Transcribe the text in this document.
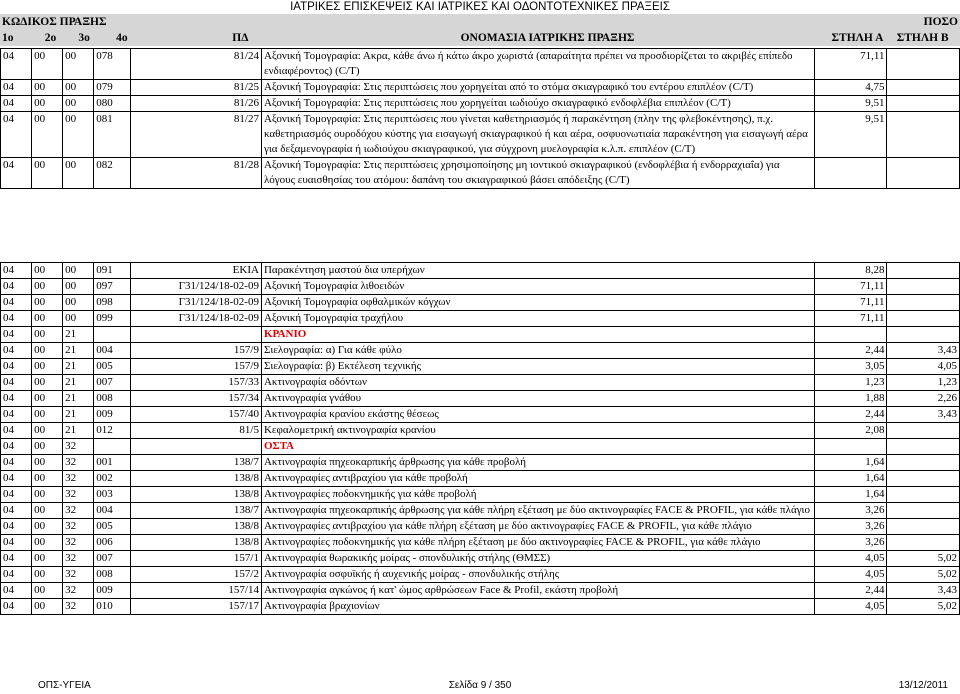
ΙΑΤΡΙΚΕΣ ΕΠΙΣΚΕΨΕΙΣ ΚΑΙ ΙΑΤΡΙΚΕΣ ΚΑΙ ΟΔΟΝΤΟΤΕΧΝΙΚΕΣ ΠΡΑΞΕΙΣ
ΚΩΔΙΚΟΣ ΠΡΑΞΗΣ		ΠΟΣΟ
1ο	2ο	3ο	4ο	ΠΔ	ΟΝΟΜΑΣΙΑ ΙΑΤΡΙΚΗΣ ΠΡΑΞΗΣ	ΣΤΗΛΗ Α	ΣΤΗΛΗ Β
04	00	00	078	81/24	Αξονική Τομογραφία: Ακρα, κάθε άνω ή κάτω άκρο χωριστά (απαραίτητα πρέπει να προσδιορίζεται το ακριβές επίπεδο ενδιαφέροντος) (C/T)	71,11	
04	00	00	079	81/25	Αξονική Τομογραφία: Στις περιπτώσεις που χορηγείται από το στόμα σκιαγραφικό του εντέρου επιπλέον (C/T)	4,75	
04	00	00	080	81/26	Αξονική Τομογραφία: Στις περιπτώσεις που χορηγείται ιωδιούχο σκιαγραφικό ενδοφλέβια επιπλέον (C/T)	9,51	
04	00	00	081	81/27	Αξονική Τομογραφία: Στις περιπτώσεις που γίνεται καθετηριασμός ή παρακέντηση (πλην της φλεβοκέντησης), π.χ. καθετηριασμός ουροδόχου κύστης για εισαγωγή σκιαγραφικού ή και αέρα, οσφυονωτιαία παρακέντηση για εισαγωγή αέρα για δεξαμενογραφία ή ιωδιούχου σκιαγραφικού, για σύγχρονη μυελογραφία κ.λ.π. επιπλέον (C/T)	9,51	
04	00	00	082	81/28	Αξονική Τομογραφία: Στις περιπτώσεις χρησιμοποίησης μη ιοντικού σκιαγραφικού (ενδοφλέβια ή ενδορραχιαΐα) για λόγους ευαισθησίας του ατόμου: δαπάνη του σκιαγραφικού βάσει απόδειξης (C/T)		
04	00	00	091	ΕΚΙΑ	Παρακέντηση μαστού δια υπερήχων	8,28	
04	00	00	097	Γ31/124/18-02-09	Αξονική Τομογραφία λιθοειδών	71,11	
04	00	00	098	Γ31/124/18-02-09	Αξονική Τομογραφία οφθαλμικών κόγχων	71,11	
04	00	00	099	Γ31/124/18-02-09	Αξονική Τομογραφία τραχήλου	71,11	
04	00	21			ΚΡΑΝΙΟ		
04	00	21	004	157/9	Σιελογραφία: α) Για κάθε φύλο	2,44	3,43
04	00	21	005	157/9	Σιελογραφία: β) Εκτέλεση τεχνικής	3,05	4,05
04	00	21	007	157/33	Ακτινογραφία οδόντων	1,23	1,23
04	00	21	008	157/34	Ακτινογραφία γνάθου	1,88	2,26
04	00	21	009	157/40	Ακτινογραφία κρανίου εκάστης θέσεως	2,44	3,43
04	00	21	012	81/5	Κεφαλομετρική ακτινογραφία κρανίου	2,08	
04	00	32			ΟΣΤΑ		
04	00	32	001	138/7	Ακτινογραφία πηχεοκαρπικής άρθρωσης για κάθε προβολή	1,64	
04	00	32	002	138/8	Ακτινογραφίες αντιβραχίου για κάθε προβολή	1,64	
04	00	32	003	138/8	Ακτινογραφίες ποδοκνημικής για κάθε προβολή	1,64	
04	00	32	004	138/7	Ακτινογραφία πηχεοκαρπικής άρθρωσης για κάθε πλήρη εξέταση με δύο ακτινογραφίες FACE & PROFIL, για κάθε πλάγιο	3,26	
04	00	32	005	138/8	Ακτινογραφίες αντιβραχίου για κάθε πλήρη εξέταση με δύο ακτινογραφίες FACE & PROFIL, για κάθε πλάγιο	3,26	
04	00	32	006	138/8	Ακτινογραφίες ποδοκνημικής για κάθε πλήρη εξέταση με δύο ακτινογραφίες FACE & PROFIL, για κάθε πλάγιο	3,26	
04	00	32	007	157/1	Ακτινογραφία θωρακικής μοίρας - σπονδυλικής στήλης (ΘΜΣΣ)	4,05	5,02
04	00	32	008	157/2	Ακτινογραφία οσφυϊκής ή αυχενικής μοίρας - σπονδυλικής στήλης	4,05	5,02
04	00	32	009	157/14	Ακτινογραφία αγκώνος ή κατ' ώμος αρθρώσεων Face & Profil, εκάστη προβολή	2,44	3,43
04	00	32	010	157/17	Ακτινογραφία βραχιονίων	4,05	5,02
ΟΠΣ-ΥΓΕΙΑ	Σελίδα 9 / 350	13/12/2011
